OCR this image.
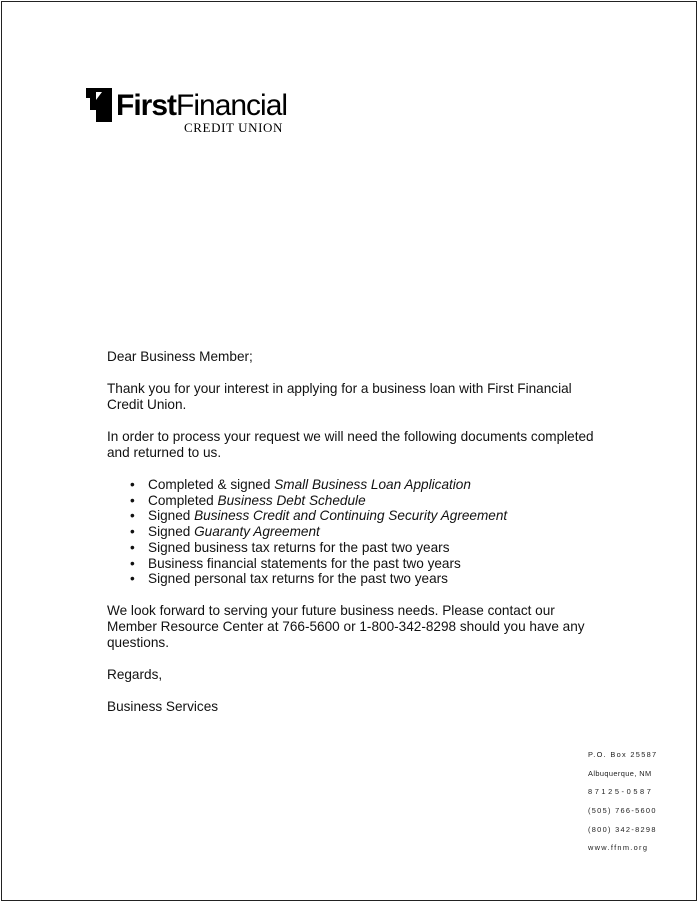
FirstFinancial
CREDIT UNION

Dear Business Member;

Thank you for your interest in applying for a business loan with First Financial Credit Union.

In order to process your request we will need the following documents completed and returned to us.

• Completed & signed Small Business Loan Application
• Completed Business Debt Schedule
• Signed Business Credit and Continuing Security Agreement
• Signed Guaranty Agreement
• Signed business tax returns for the past two years
• Business financial statements for the past two years
• Signed personal tax returns for the past two years

We look forward to serving your future business needs. Please contact our Member Resource Center at 766-5600 or 1-800-342-8298 should you have any questions.

Regards,

Business Services

P.O. Box 25587
Albuquerque, NM
87125-0587
(505) 766-5600
(800) 342-8298
www.ffnm.org
